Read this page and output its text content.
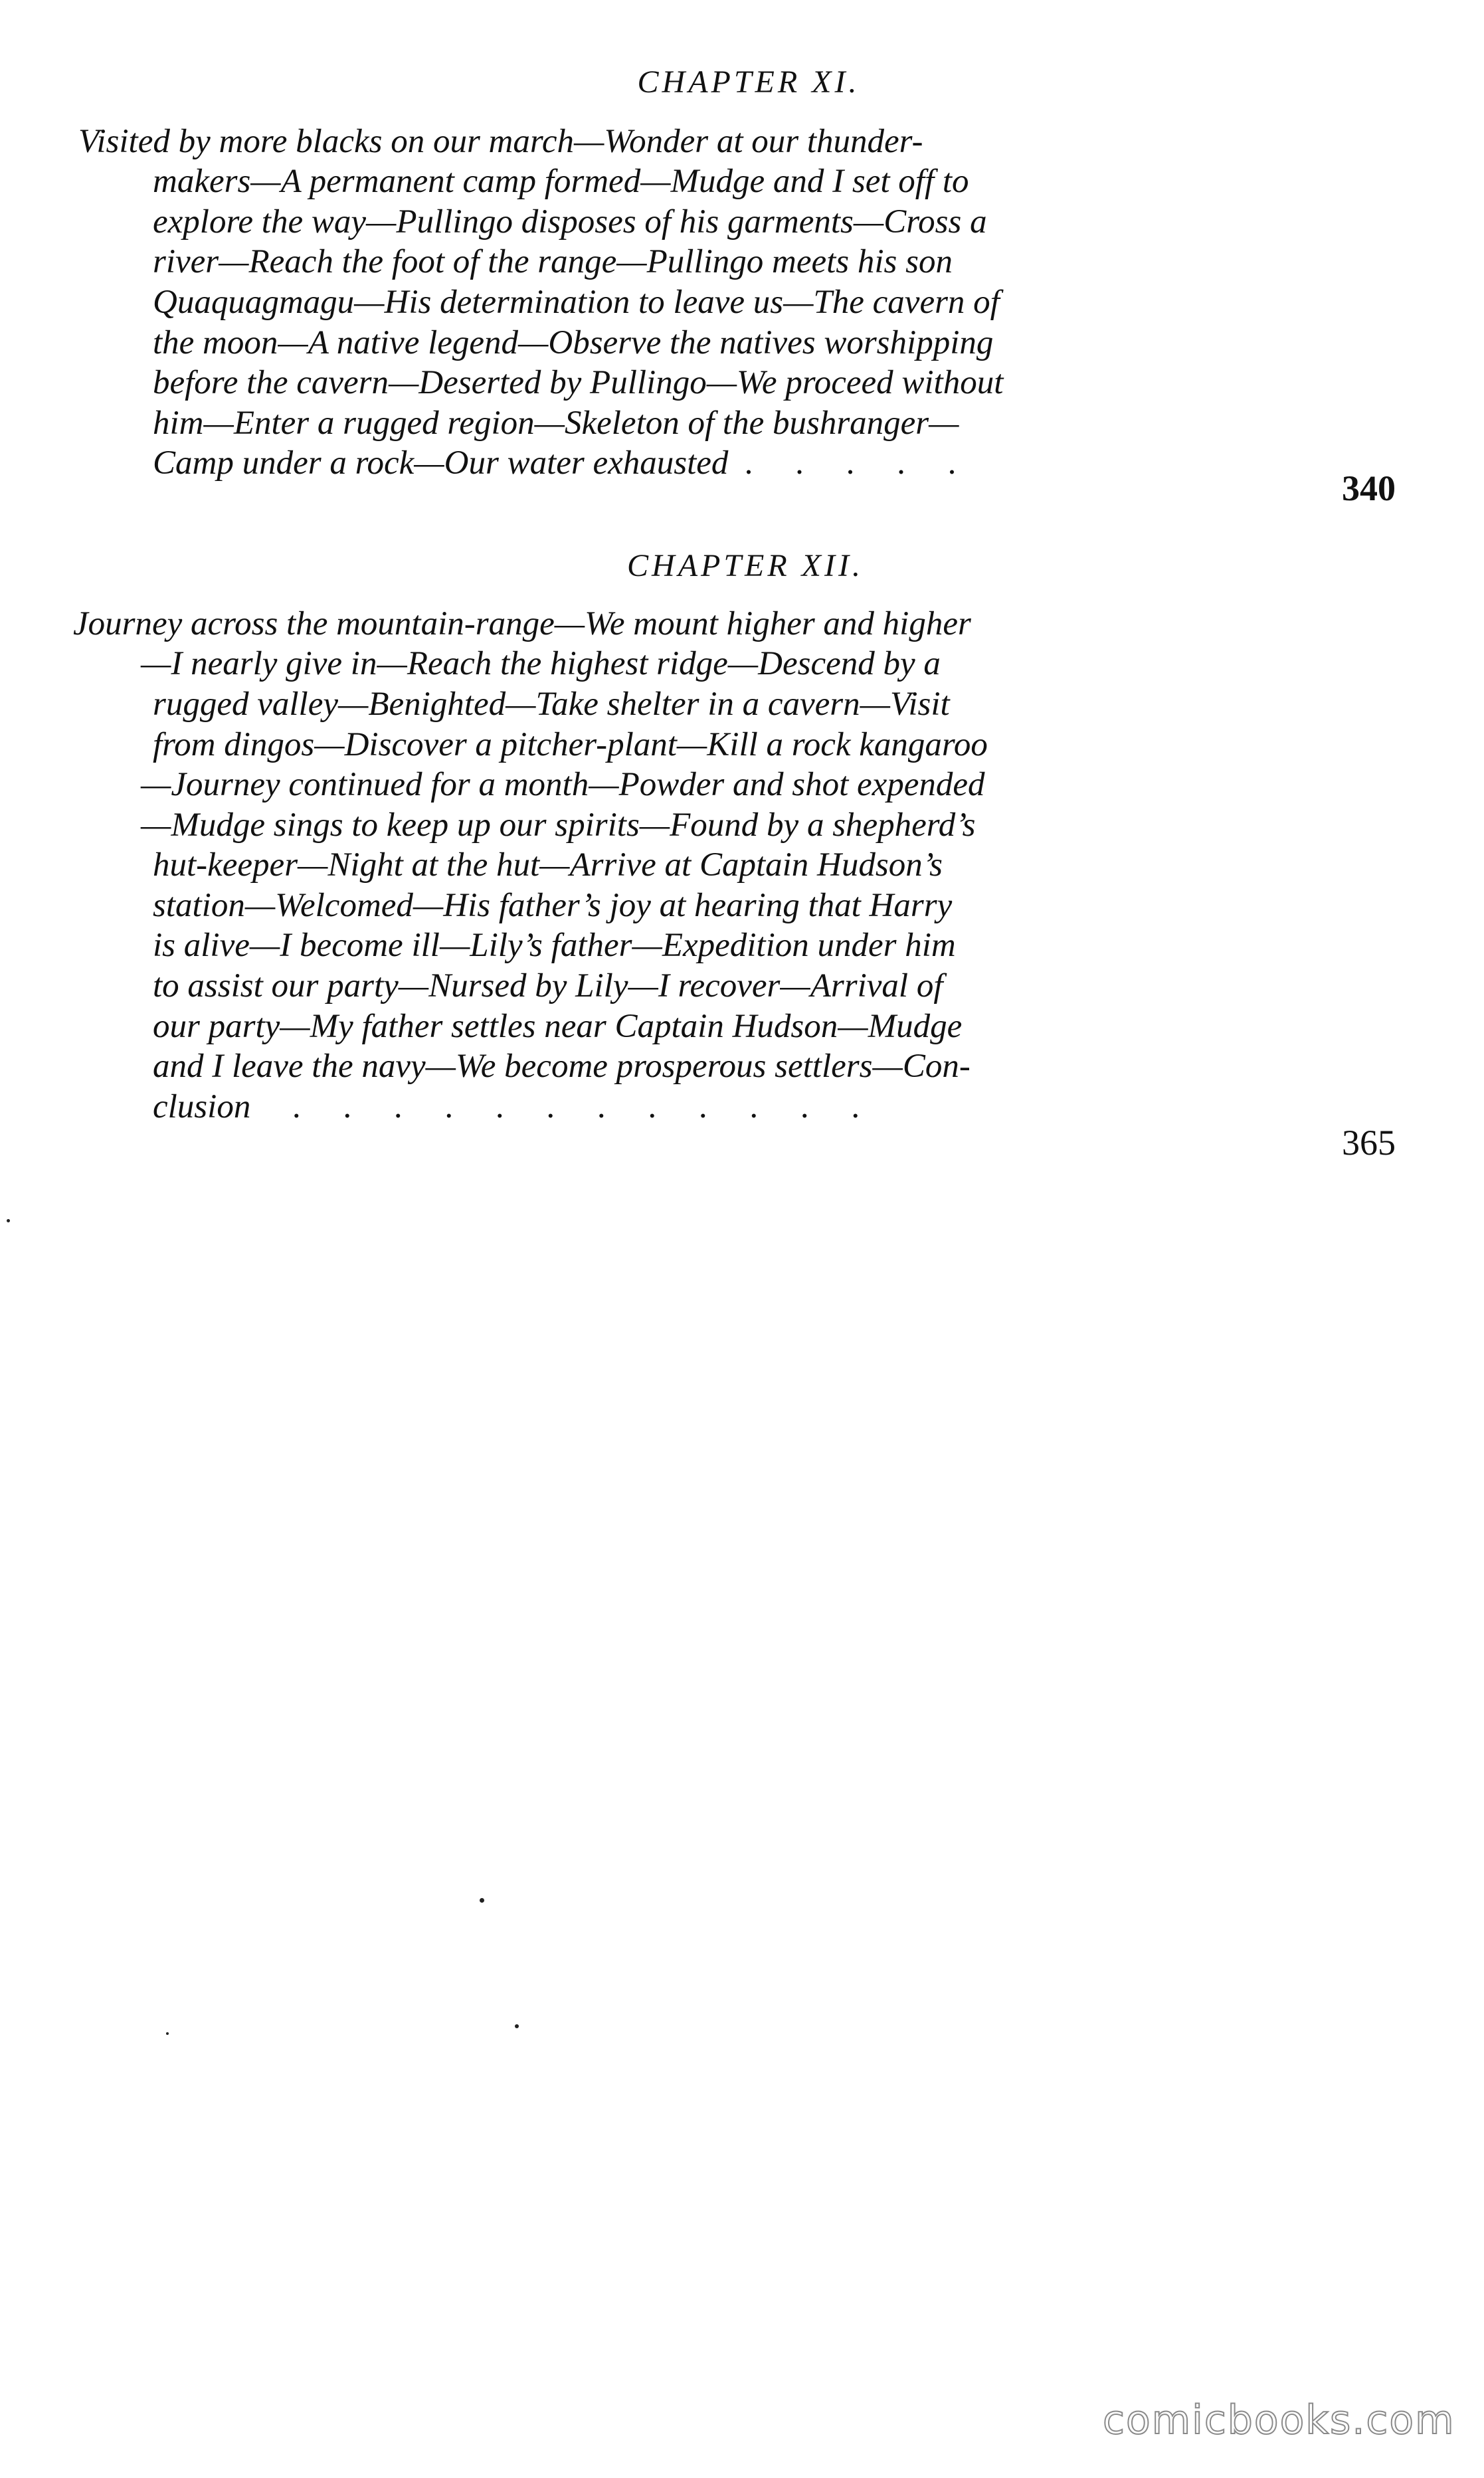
CHAPTER XI.
Visited by more blacks on our march—Wonder at our thunder-
makers—A permanent camp formed—Mudge and I set off to
explore the way—Pullingo disposes of his garments—Cross a
river—Reach the foot of the range—Pullingo meets his son
Quaquagmagu—His determination to leave us—The cavern of
the moon—A native legend—Observe the natives worshipping
before the cavern—Deserted by Pullingo—We proceed without
him—Enter a rugged region—Skeleton of the bushranger—
Camp under a rock—Our water exhausted  .     .     .     .     .
340
CHAPTER XII.
Journey across the mountain-range—We mount higher and higher
—I nearly give in—Reach the highest ridge—Descend by a
rugged valley—Benighted—Take shelter in a cavern—Visit
from dingos—Discover a pitcher-plant—Kill a rock kangaroo
—Journey continued for a month—Powder and shot expended
—Mudge sings to keep up our spirits—Found by a shepherd’s
hut-keeper—Night at the hut—Arrive at Captain Hudson’s
station—Welcomed—His father’s joy at hearing that Harry
is alive—I become ill—Lily’s father—Expedition under him
to assist our party—Nursed by Lily—I recover—Arrival of
our party—My father settles near Captain Hudson—Mudge
and I leave the navy—We become prosperous settlers—Con-
clusion     .     .     .     .     .     .     .     .     .     .     .     .
365
comicbooks.com
